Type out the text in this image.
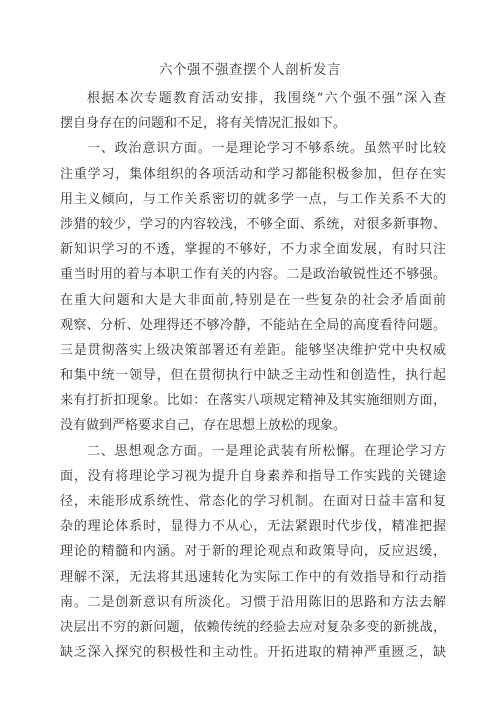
六个强不强查摆个人剖析发言
根据本次专题教育活动安排，我围绕“六个强不强”深入查
摆自身存在的问题和不足，将有关情况汇报如下。
一、政治意识方面。一是理论学习不够系统。虽然平时比较
注重学习，集体组织的各项活动和学习都能积极参加，但存在实
用主义倾向，与工作关系密切的就多学一点，与工作关系不大的
涉猎的较少，学习的内容较浅，不够全面、系统，对很多新事物、
新知识学习的不透，掌握的不够好，不力求全面发展，有时只注
重当时用的着与本职工作有关的内容。二是政治敏锐性还不够强。
在重大问题和大是大非面前,特别是在一些复杂的社会矛盾面前
观察、分析、处理得还不够冷静，不能站在全局的高度看待问题。
三是贯彻落实上级决策部署还有差距。能够坚决维护党中央权威
和集中统一领导，但在贯彻执行中缺乏主动性和创造性，执行起
来有打折扣现象。比如：在落实八项规定精神及其实施细则方面，
没有做到严格要求自己，存在思想上放松的现象。
二、思想观念方面。一是理论武装有所松懈。在理论学习方
面，没有将理论学习视为提升自身素养和指导工作实践的关键途
径，未能形成系统性、常态化的学习机制。在面对日益丰富和复
杂的理论体系时，显得力不从心，无法紧跟时代步伐，精准把握
理论的精髓和内涵。对于新的理论观点和政策导向，反应迟缓，
理解不深，无法将其迅速转化为实际工作中的有效指导和行动指
南。二是创新意识有所淡化。习惯于沿用陈旧的思路和方法去解
决层出不穷的新问题，依赖传统的经验去应对复杂多变的新挑战，
缺乏深入探究的积极性和主动性。开拓进取的精神严重匮乏，缺
